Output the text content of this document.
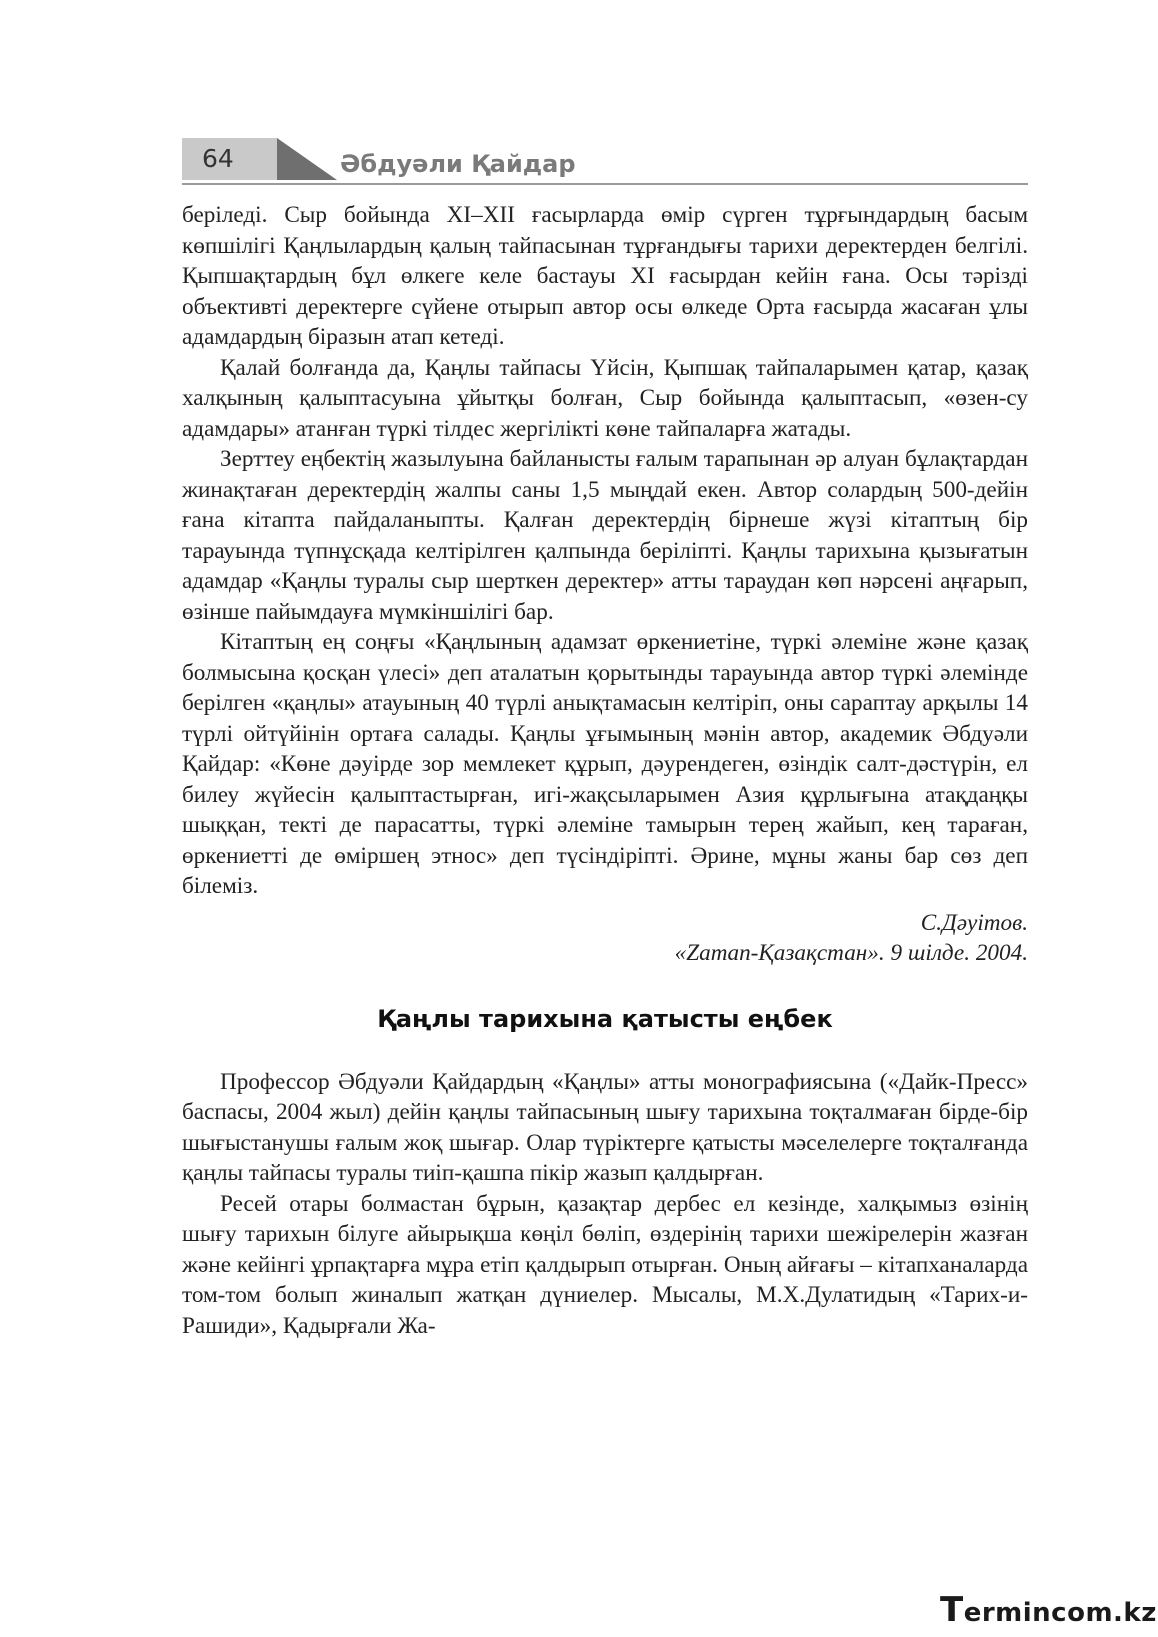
64	Әбдуәли Қайдар

беріледі. Сыр бойында XI–XII ғасырларда өмір сүрген тұрғындардың басым көпшілігі Қаңлылардың қалың тайпасынан тұрғандығы тарихи деректерден белгілі. Қыпшақтардың бұл өлкеге келе бастауы XI ғасырдан кейін ғана. Осы тәрізді объективті деректерге сүйене отырып автор осы өлкеде Орта ғасырда жасаған ұлы адамдардың біразын атап кетеді.

Қалай болғанда да, Қаңлы тайпасы Үйсін, Қыпшақ тайпаларымен қатар, қазақ халқының қалыптасуына ұйытқы болған, Сыр бойында қалыптасып, «өзен-су адамдары» атанған түркі тілдес жергілікті көне тайпаларға жатады.

Зерттеу еңбектің жазылуына байланысты ғалым тарапынан әр алуан бұлақтардан жинақтаған деректердің жалпы саны 1,5 мыңдай екен. Автор солардың 500-дейін ғана кітапта пайдаланыпты. Қалған деректердің бірнеше жүзі кітаптың бір тарауында түпнұсқада келтірілген қалпында беріліпті. Қаңлы тарихына қызығатын адамдар «Қаңлы туралы сыр шерткен деректер» атты тараудан көп нәрсені аңғарып, өзінше пайымдауға мүмкіншілігі бар.

Кітаптың ең соңғы «Қаңлының адамзат өркениетіне, түркі әлеміне және қазақ болмысына қосқан үлесі» деп аталатын қорытынды тарауында автор түркі әлемінде берілген «қаңлы» атауының 40 түрлі анықтамасын келтіріп, оны сараптау арқылы 14 түрлі ойтүйінін ортаға салады. Қаңлы ұғымының мәнін автор, академик Әбдуәли Қайдар: «Көне дәуірде зор мемлекет құрып, дәурендеген, өзіндік салт-дәстүрін, ел билеу жүйесін қалыптастырған, игі-жақсыларымен Азия құрлығына атақдаңқы шыққан, текті де парасатты, түркі әлеміне тамырын терең жайып, кең тараған, өркениетті де өміршең этнос» деп түсіндіріпті. Әрине, мұны жаны бар сөз деп білеміз.

С.Дәуітов.
«Zaman-Қазақстан». 9 шілде. 2004.
Қаңлы тарихына қатысты еңбек

Профессор Әбдуәли Қайдардың «Қаңлы» атты монографиясына («Дайк-Пресс» баспасы, 2004 жыл) дейін қаңлы тайпасының шығу тарихына тоқталмаған бірде-бір шығыстанушы ғалым жоқ шығар. Олар түріктерге қатысты мәселелерге тоқталғанда қаңлы тайпасы туралы тиіп-қашпа пікір жазып қалдырған.

Ресей отары болмастан бұрын, қазақтар дербес ел кезінде, халқымыз өзінің шығу тарихын білуге айырықша көңіл бөліп, өздерінің тарихи шежірелерін жазған және кейінгі ұрпақтарға мұра етіп қалдырып отырған. Оның айғағы – кітапханаларда том-том болып жиналып жатқан дүниелер. Мысалы, М.Х.Дулатидың «Тарих-и-Рашиди», Қадырғали Жа-

Termincom.kz
